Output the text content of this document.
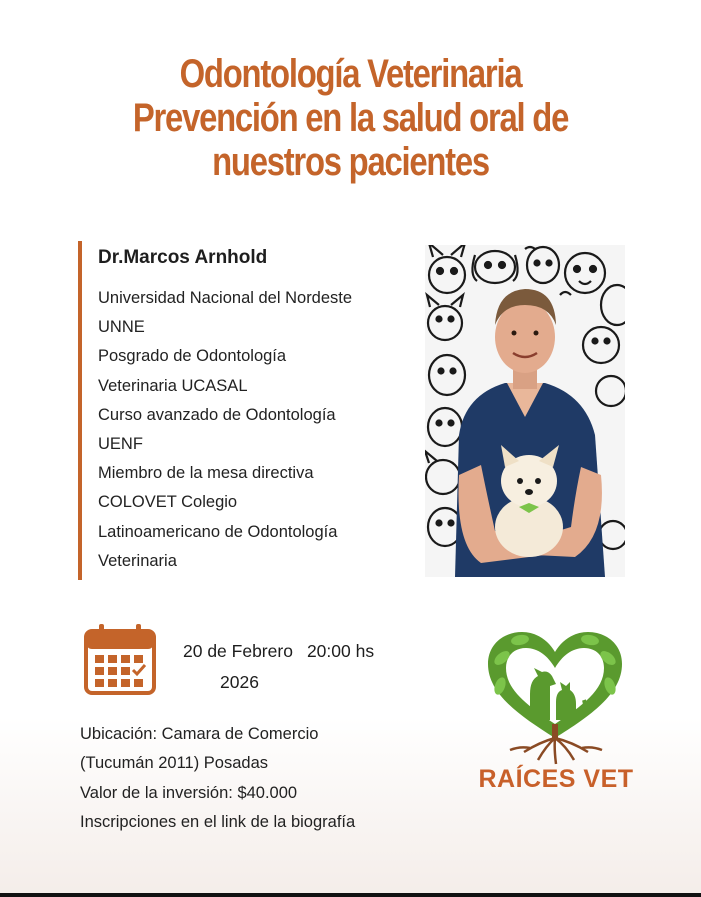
Odontología Veterinaria
Prevención en la salud oral de
nuestros pacientes
Dr.Marcos Arnhold
Universidad Nacional del Nordeste
UNNE
Posgrado de Odontología
Veterinaria UCASAL
Curso avanzado de Odontología
UENF
Miembro de la mesa directiva
COLOVET Colegio
Latinoamericano de Odontología
Veterinaria
20 de Febrero 20:00 hs
2026
Ubicación: Camara de Comercio
(Tucumán 2011) Posadas
Valor de la inversión: $40.000
Inscripciones en el link de la biografía
RAÍCES VET
